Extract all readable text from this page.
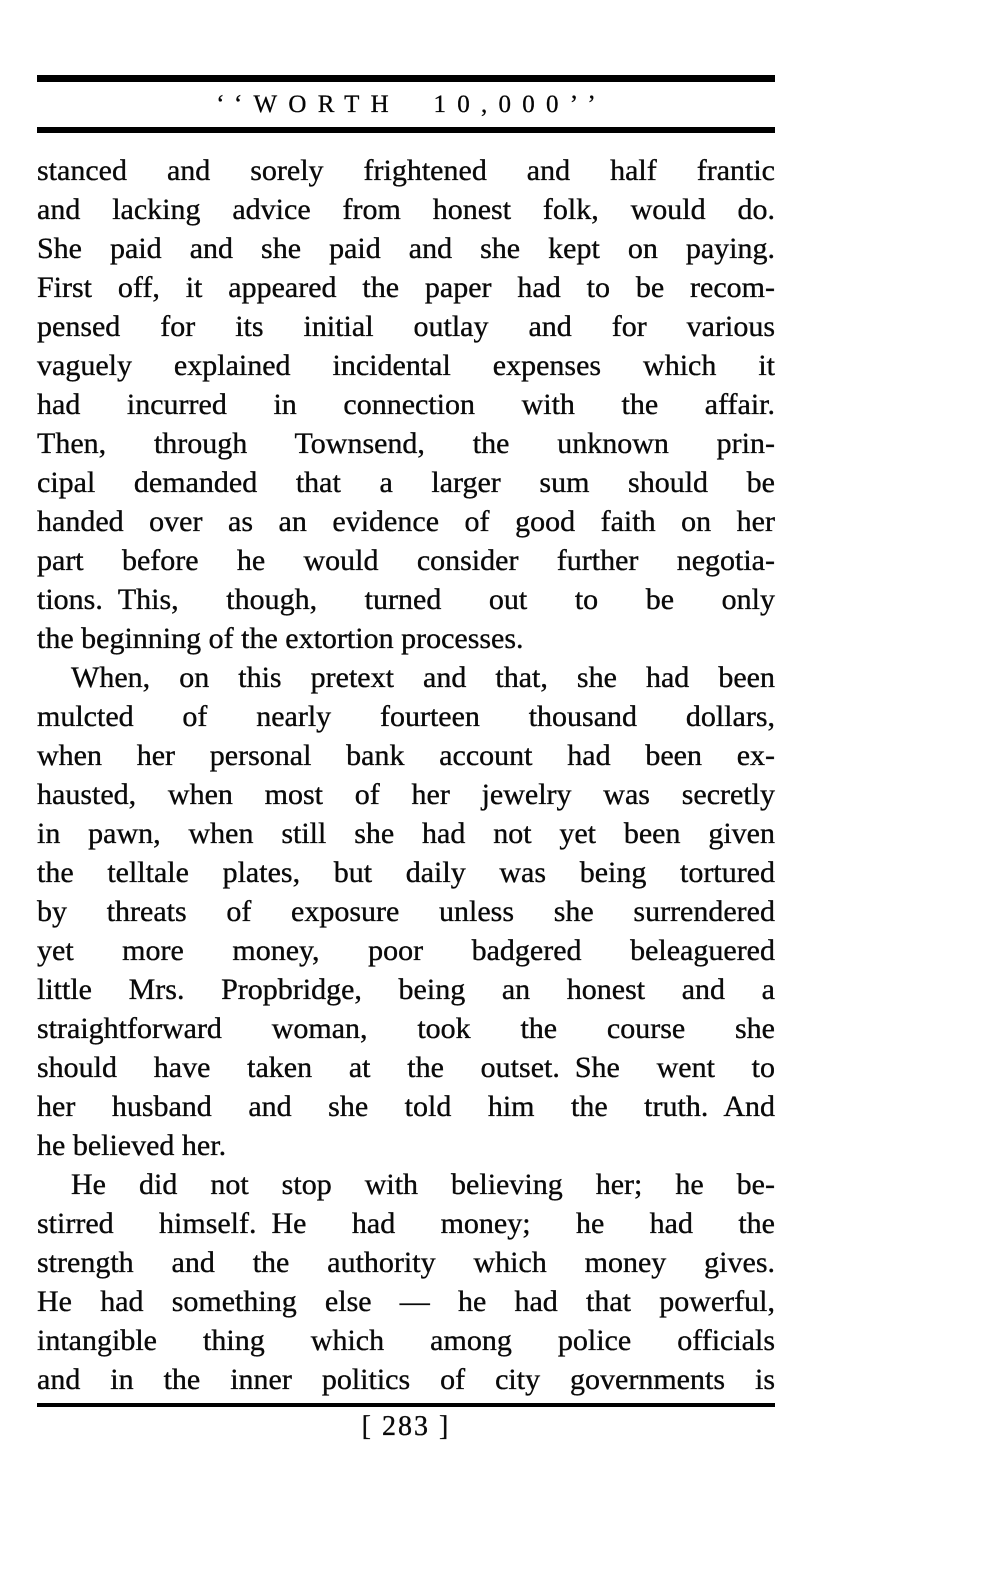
‘‘WORTH 10,000’’
stanced and sorely frightened and half frantic
and lacking advice from honest folk, would do.
She paid and she paid and she kept on paying.
First off, it appeared the paper had to be recom-
pensed for its initial outlay and for various
vaguely explained incidental expenses which it
had incurred in connection with the affair.
Then, through Townsend, the unknown prin-
cipal demanded that a larger sum should be
handed over as an evidence of good faith on her
part before he would consider further negotia-
tions. This, though, turned out to be only
the beginning of the extortion processes.
When, on this pretext and that, she had been
mulcted of nearly fourteen thousand dollars,
when her personal bank account had been ex-
hausted, when most of her jewelry was secretly
in pawn, when still she had not yet been given
the telltale plates, but daily was being tortured
by threats of exposure unless she surrendered
yet more money, poor badgered beleaguered
little Mrs. Propbridge, being an honest and a
straightforward woman, took the course she
should have taken at the outset. She went to
her husband and she told him the truth. And
he believed her.
He did not stop with believing her; he be-
stirred himself. He had money; he had the
strength and the authority which money gives.
He had something else — he had that powerful,
intangible thing which among police officials
and in the inner politics of city governments is
[ 283 ]
